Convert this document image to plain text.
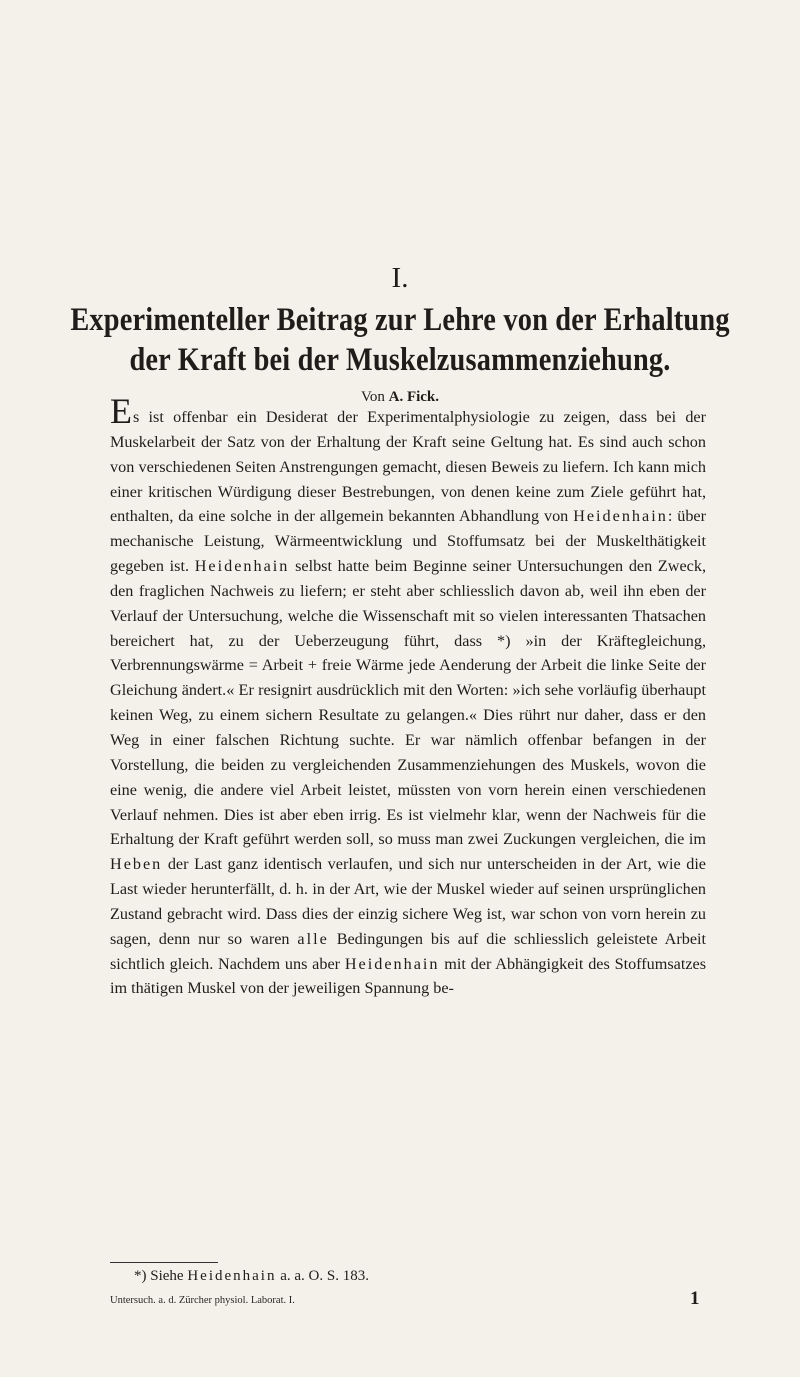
I.
Experimenteller Beitrag zur Lehre von der Erhaltung
der Kraft bei der Muskelzusammenziehung.
Von A. Fick.

Es ist offenbar ein Desiderat der Experimentalphysiologie zu zeigen, dass bei der Muskelarbeit der Satz von der Erhaltung der Kraft seine Geltung hat. Es sind auch schon von verschiedenen Seiten Anstrengungen gemacht, diesen Beweis zu liefern. Ich kann mich einer kritischen Würdigung dieser Bestrebungen, von denen keine zum Ziele geführt hat, enthalten, da eine solche in der allgemein bekannten Abhandlung von Heidenhain: über mechanische Leistung, Wärmeentwicklung und Stoffumsatz bei der Muskelthätigkeit gegeben ist. Heidenhain selbst hatte beim Beginne seiner Untersuchungen den Zweck, den fraglichen Nachweis zu liefern; er steht aber schliesslich davon ab, weil ihn eben der Verlauf der Untersuchung, welche die Wissenschaft mit so vielen interessanten Thatsachen bereichert hat, zu der Ueberzeugung führt, dass *) »in der Kräftegleichung, Verbrennungswärme = Arbeit + freie Wärme jede Aenderung der Arbeit die linke Seite der Gleichung ändert.« Er resignirt ausdrücklich mit den Worten: »ich sehe vorläufig überhaupt keinen Weg, zu einem sichern Resultate zu gelangen.« Dies rührt nur daher, dass er den Weg in einer falschen Richtung suchte. Er war nämlich offenbar befangen in der Vorstellung, die beiden zu vergleichenden Zusammenziehungen des Muskels, wovon die eine wenig, die andere viel Arbeit leistet, müssten von vorn herein einen verschiedenen Verlauf nehmen. Dies ist aber eben irrig. Es ist vielmehr klar, wenn der Nachweis für die Erhaltung der Kraft geführt werden soll, so muss man zwei Zuckungen vergleichen, die im Heben der Last ganz identisch verlaufen, und sich nur unterscheiden in der Art, wie die Last wieder herunterfällt, d. h. in der Art, wie der Muskel wieder auf seinen ursprünglichen Zustand gebracht wird. Dass dies der einzig sichere Weg ist, war schon von vorn herein zu sagen, denn nur so waren alle Bedingungen bis auf die schliesslich geleistete Arbeit sichtlich gleich. Nachdem uns aber Heidenhain mit der Abhängigkeit des Stoffumsatzes im thätigen Muskel von der jeweiligen Spannung be-

*) Siehe Heidenhain a. a. O. S. 183.
Untersuch. a. d. Zürcher physiol. Laborat. I.	1
